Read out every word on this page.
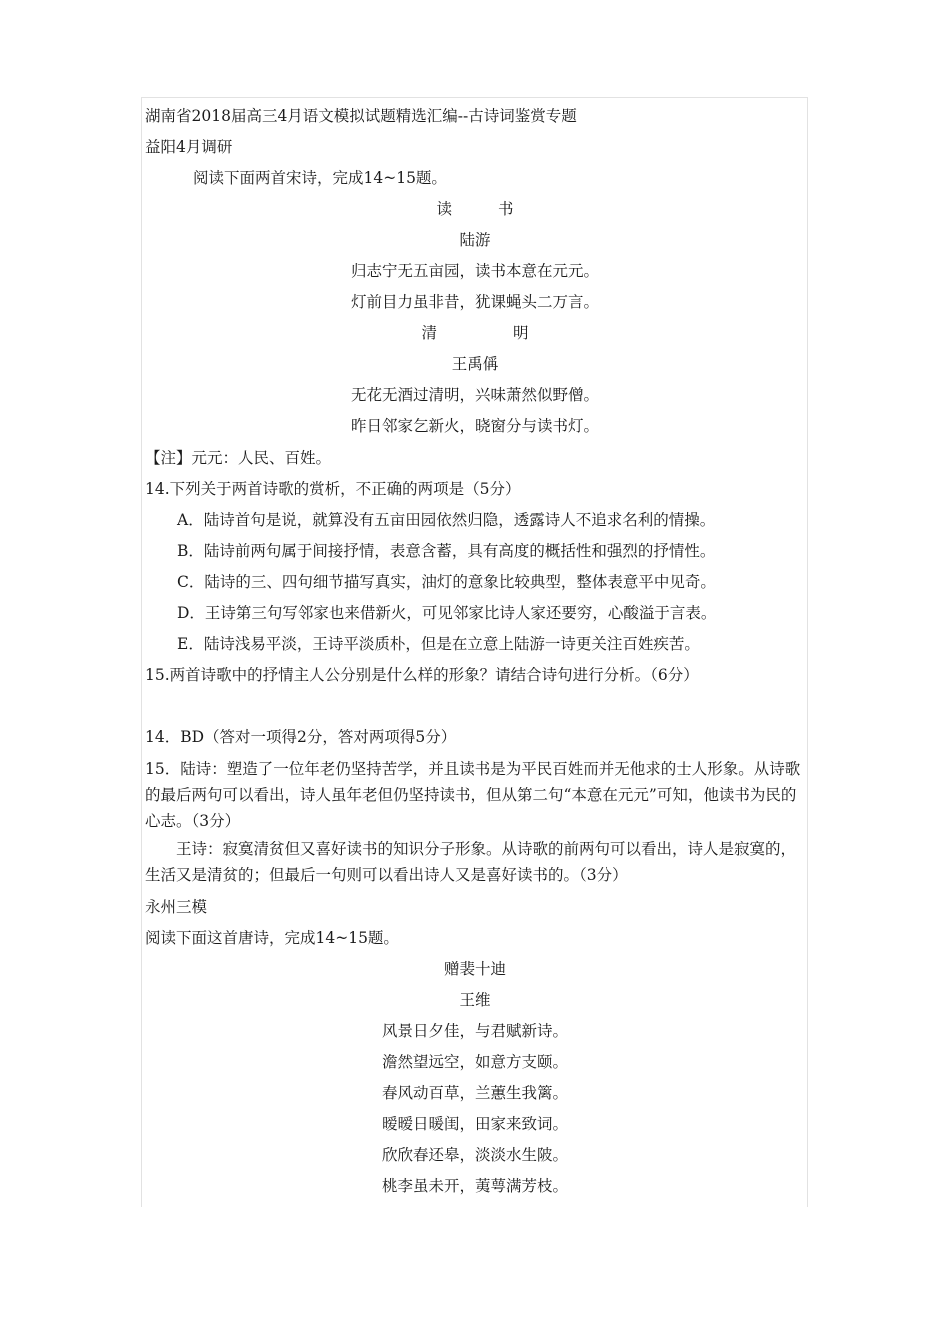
湖南省2018届高三4月语文模拟试题精选汇编--古诗词鉴赏专题
益阳4月调研
阅读下面两首宋诗，完成14~15题。
读	书
陆游
归志宁无五亩园，读书本意在元元。
灯前目力虽非昔，犹课蝇头二万言。
清	明
王禹偁
无花无酒过清明，兴味萧然似野僧。
昨日邻家乞新火，晓窗分与读书灯。
【注】元元：人民、百姓。
14.下列关于两首诗歌的赏析，不正确的两项是（5分）
A．陆诗首句是说，就算没有五亩田园依然归隐，透露诗人不追求名利的情操。
B．陆诗前两句属于间接抒情，表意含蓄，具有高度的概括性和强烈的抒情性。
C．陆诗的三、四句细节描写真实，油灯的意象比较典型，整体表意平中见奇。
D．王诗第三句写邻家也来借新火，可见邻家比诗人家还要穷，心酸溢于言表。
E．陆诗浅易平淡，王诗平淡质朴，但是在立意上陆游一诗更关注百姓疾苦。
15.两首诗歌中的抒情主人公分别是什么样的形象？请结合诗句进行分析。（6分）
14．BD（答对一项得2分，答对两项得5分）
15．陆诗：塑造了一位年老仍坚持苦学，并且读书是为平民百姓而并无他求的士人形象。从诗歌的最后两句可以看出，诗人虽年老但仍坚持读书，但从第二句“本意在元元”可知，他读书为民的心志。（3分）
王诗：寂寞清贫但又喜好读书的知识分子形象。从诗歌的前两句可以看出，诗人是寂寞的，生活又是清贫的；但最后一句则可以看出诗人又是喜好读书的。（3分）
永州三模
阅读下面这首唐诗，完成14~15题。
赠裴十迪
王维
风景日夕佳，与君赋新诗。
澹然望远空，如意方支颐。
春风动百草，兰蕙生我篱。
暧暧日暖闺，田家来致词。
欣欣春还皋，淡淡水生陂。
桃李虽未开，荑萼满芳枝。
